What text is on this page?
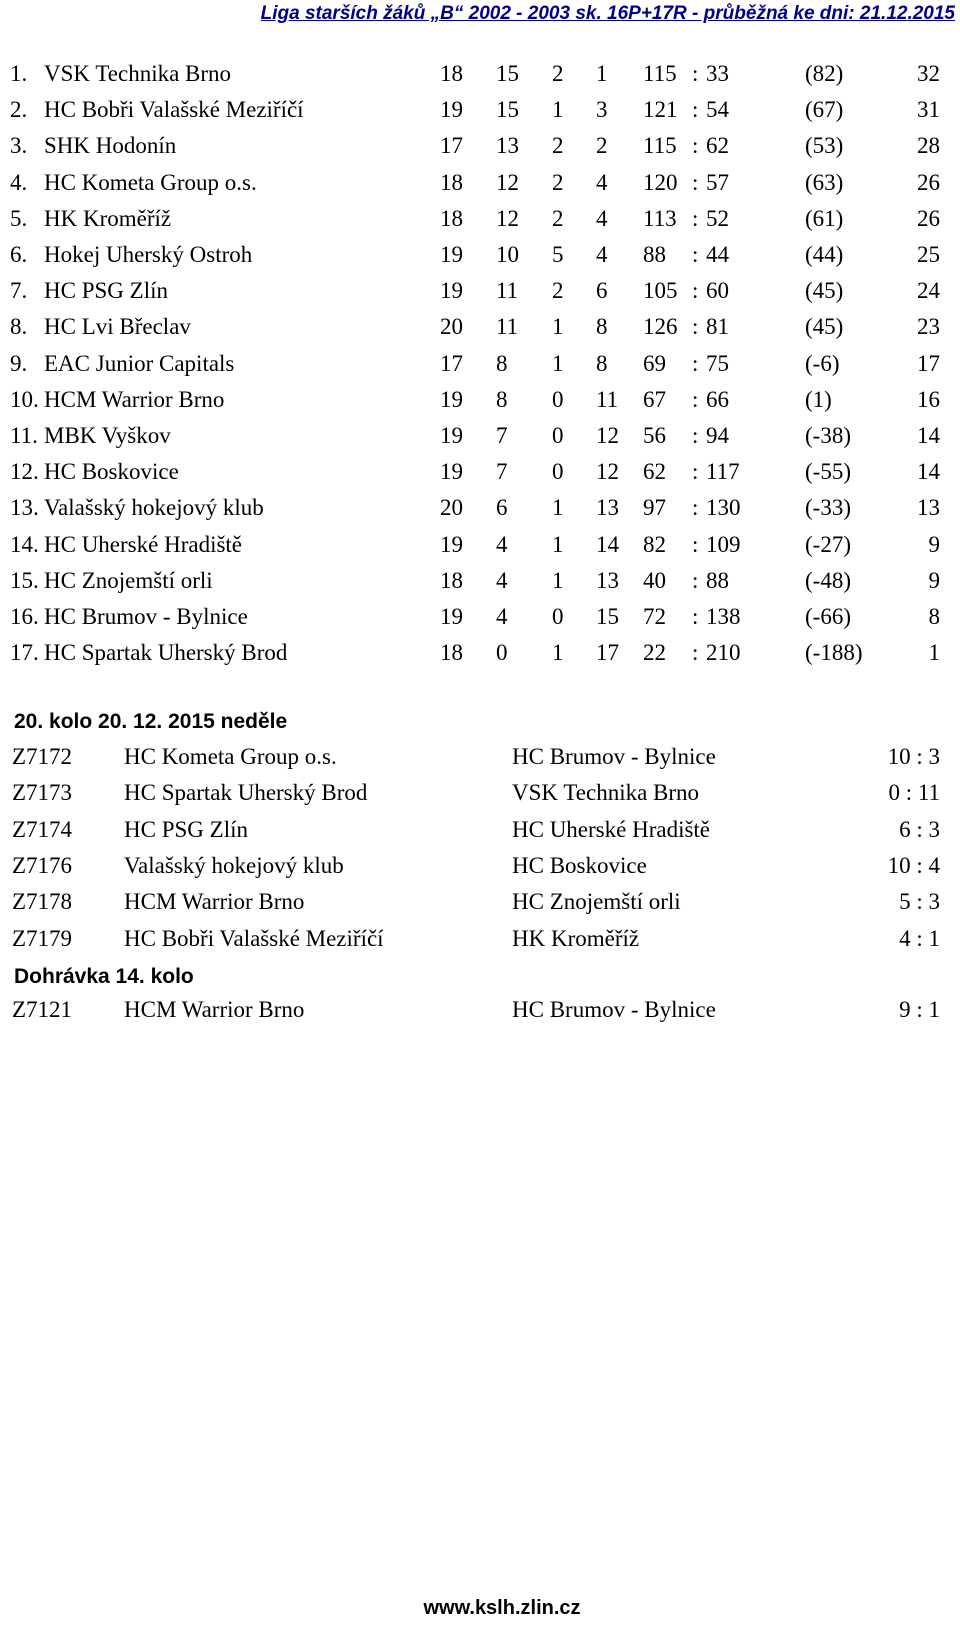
Liga starších žáků „B“ 2002 - 2003 sk. 16P+17R - průběžná ke dni: 21.12.2015
1. VSK Technika Brno	18 15 2 1 115 : 33	(82)	32
2. HC Bobři Valašské Meziříčí	19 15 1 3 121 : 54	(67)	31
3. SHK Hodonín	17 13 2 2 115 : 62	(53)	28
4. HC Kometa Group o.s.	18 12 2 4 120 : 57	(63)	26
5. HK Kroměříž	18 12 2 4 113 : 52	(61)	26
6. Hokej Uherský Ostroh	19 10 5 4 88 : 44	(44)	25
7. HC PSG Zlín	19 11 2 6 105 : 60	(45)	24
8. HC Lvi Břeclav	20 11 1 8 126 : 81	(45)	23
9. EAC Junior Capitals	17 8 1 8 69 : 75	(-6)	17
10. HCM Warrior Brno	19 8 0 11 67 : 66	(1)	16
11. MBK Vyškov	19 7 0 12 56 : 94	(-38)	14
12. HC Boskovice	19 7 0 12 62 : 117	(-55)	14
13. Valašský hokejový klub	20 6 1 13 97 : 130	(-33)	13
14. HC Uherské Hradiště	19 4 1 14 82 : 109	(-27)	9
15. HC Znojemští orli	18 4 1 13 40 : 88	(-48)	9
16. HC Brumov - Bylnice	19 4 0 15 72 : 138	(-66)	8
17. HC Spartak Uherský Brod	18 0 1 17 22 : 210	(-188)	1
20. kolo 20. 12. 2015 neděle
Z7172 HC Kometa Group o.s.	HC Brumov - Bylnice	10 : 3
Z7173 HC Spartak Uherský Brod	VSK Technika Brno	0 : 11
Z7174 HC PSG Zlín	HC Uherské Hradiště	6 : 3
Z7176 Valašský hokejový klub	HC Boskovice	10 : 4
Z7178 HCM Warrior Brno	HC Znojemští orli	5 : 3
Z7179 HC Bobři Valašské Meziříčí	HK Kroměříž	4 : 1
Dohrávka 14. kolo
Z7121 HCM Warrior Brno	HC Brumov - Bylnice	9 : 1
www.kslh.zlin.cz
